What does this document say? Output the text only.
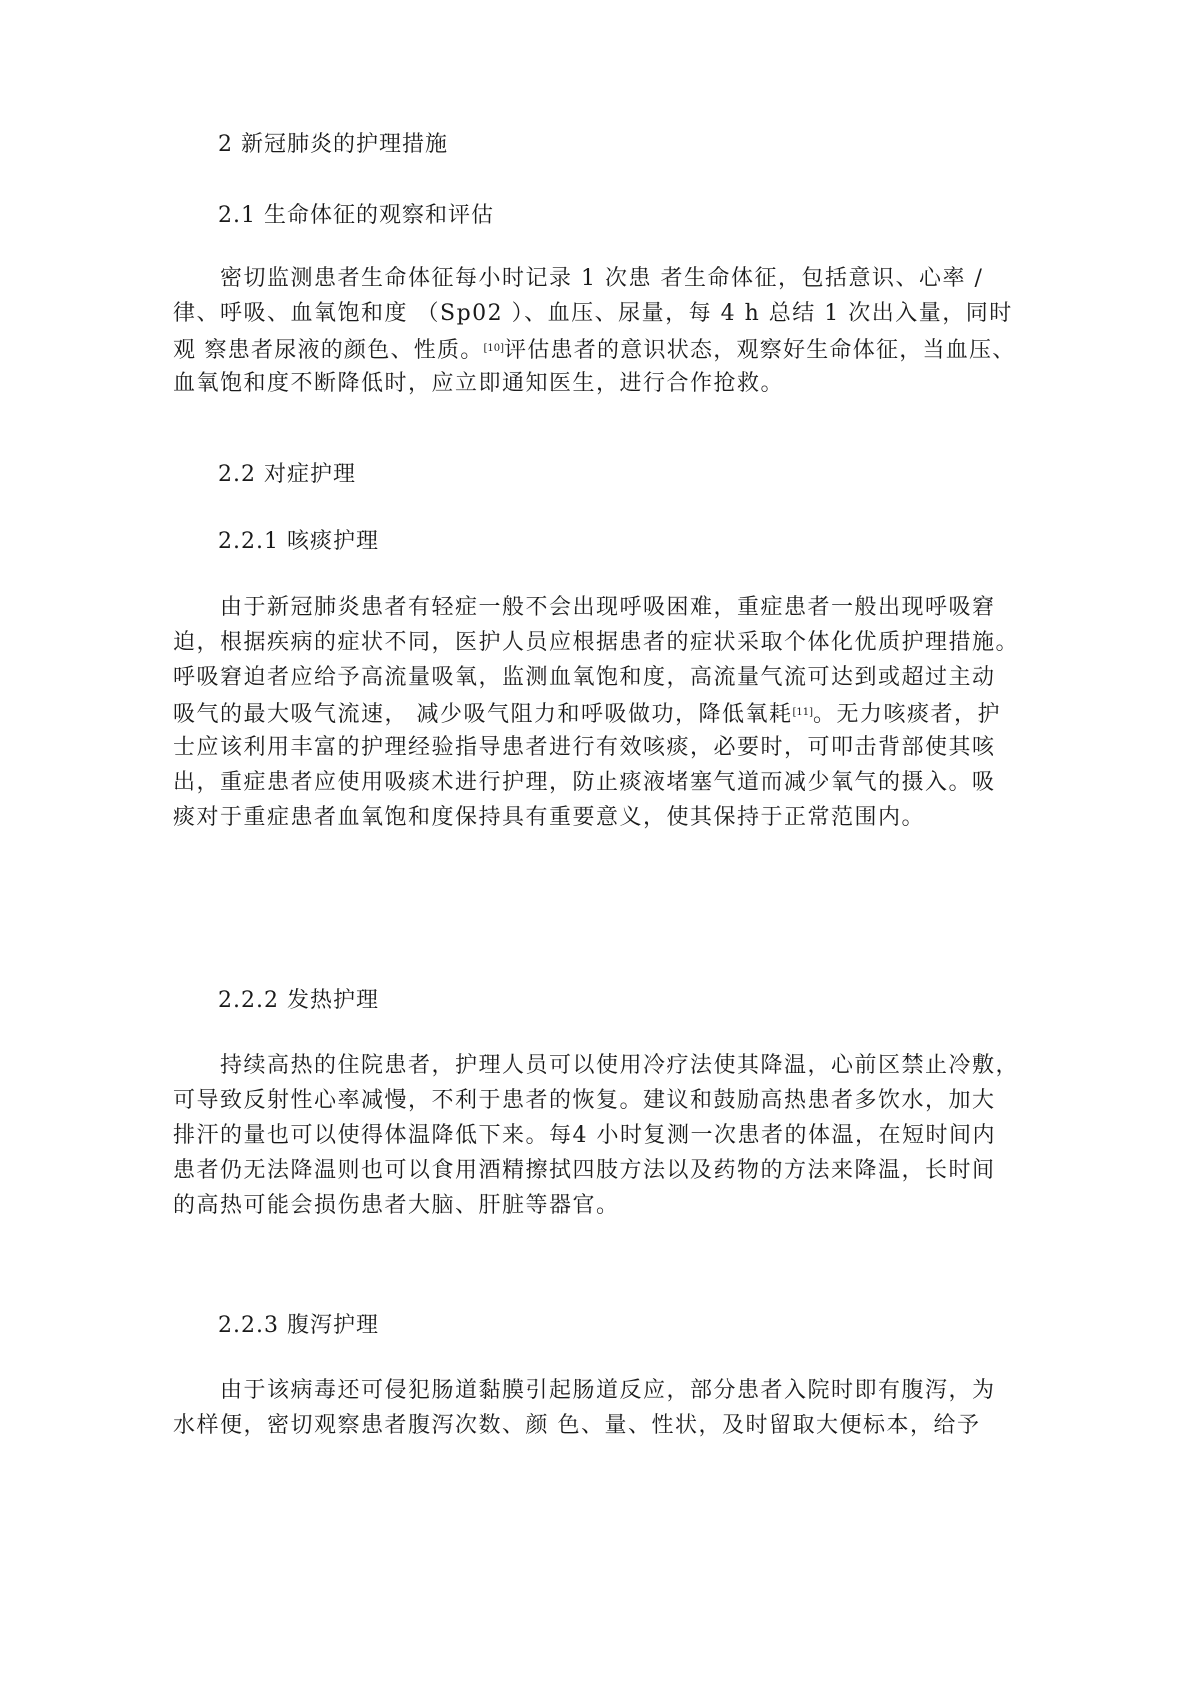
2 新冠肺炎的护理措施
2.1 生命体征的观察和评估
密切监测患者生命体征每小时记录 1 次患 者生命体征，包括意识、心率 /
律、呼吸、血氧饱和度 （Sp02 ）、血压、尿量，每 4 h 总结 1 次出入量，同时
观 察患者尿液的颜色、性质。[10]评估患者的意识状态，观察好生命体征，当血压、
血氧饱和度不断降低时，应立即通知医生，进行合作抢救。
2.2 对症护理
2.2.1 咳痰护理
由于新冠肺炎患者有轻症一般不会出现呼吸困难，重症患者一般出现呼吸窘
迫，根据疾病的症状不同，医护人员应根据患者的症状采取个体化优质护理措施。
呼吸窘迫者应给予高流量吸氧，监测血氧饱和度，高流量气流可达到或超过主动
吸气的最大吸气流速， 减少吸气阻力和呼吸做功，降低氧耗[11]。无力咳痰者，护
士应该利用丰富的护理经验指导患者进行有效咳痰，必要时，可叩击背部使其咳
出，重症患者应使用吸痰术进行护理，防止痰液堵塞气道而减少氧气的摄入。吸
痰对于重症患者血氧饱和度保持具有重要意义，使其保持于正常范围内。
2.2.2 发热护理
持续高热的住院患者，护理人员可以使用冷疗法使其降温，心前区禁止冷敷，
可导致反射性心率减慢，不利于患者的恢复。建议和鼓励高热患者多饮水，加大
排汗的量也可以使得体温降低下来。每4 小时复测一次患者的体温，在短时间内
患者仍无法降温则也可以食用酒精擦拭四肢方法以及药物的方法来降温，长时间
的高热可能会损伤患者大脑、肝脏等器官。
2.2.3 腹泻护理
由于该病毒还可侵犯肠道黏膜引起肠道反应，部分患者入院时即有腹泻，为
水样便，密切观察患者腹泻次数、颜 色、量、性状，及时留取大便标本，给予
